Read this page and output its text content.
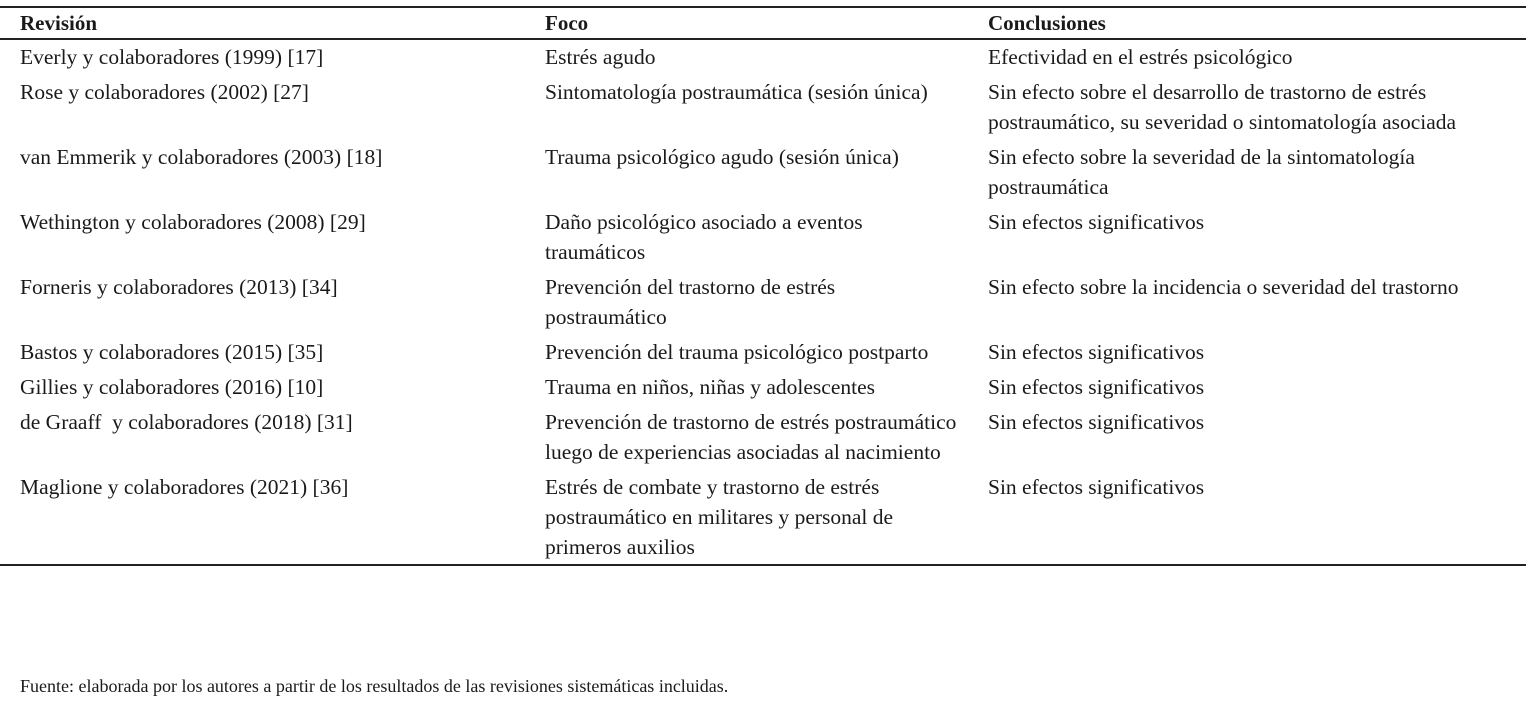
Revisión	Foco	Conclusiones
Everly y colaboradores (1999) [17]	Estrés agudo	Efectividad en el estrés psicológico
Rose y colaboradores (2002) [27]	Sintomatología postraumática (sesión única)	Sin efecto sobre el desarrollo de trastorno de estrés postraumático, su severidad o sintomatología asociada
van Emmerik y colaboradores (2003) [18]	Trauma psicológico agudo (sesión única)	Sin efecto sobre la severidad de la sintomatología postraumática
Wethington y colaboradores (2008) [29]	Daño psicológico asociado a eventos traumáticos	Sin efectos significativos
Forneris y colaboradores (2013) [34]	Prevención del trastorno de estrés postraumático	Sin efecto sobre la incidencia o severidad del trastorno
Bastos y colaboradores (2015) [35]	Prevención del trauma psicológico postparto	Sin efectos significativos
Gillies y colaboradores (2016) [10]	Trauma en niños, niñas y adolescentes	Sin efectos significativos
de Graaff  y colaboradores (2018) [31]	Prevención de trastorno de estrés postraumático luego de experiencias asociadas al nacimiento	Sin efectos significativos
Maglione y colaboradores (2021) [36]	Estrés de combate y trastorno de estrés postraumático en militares y personal de primeros auxilios	Sin efectos significativos
Fuente: elaborada por los autores a partir de los resultados de las revisiones sistemáticas incluidas.
